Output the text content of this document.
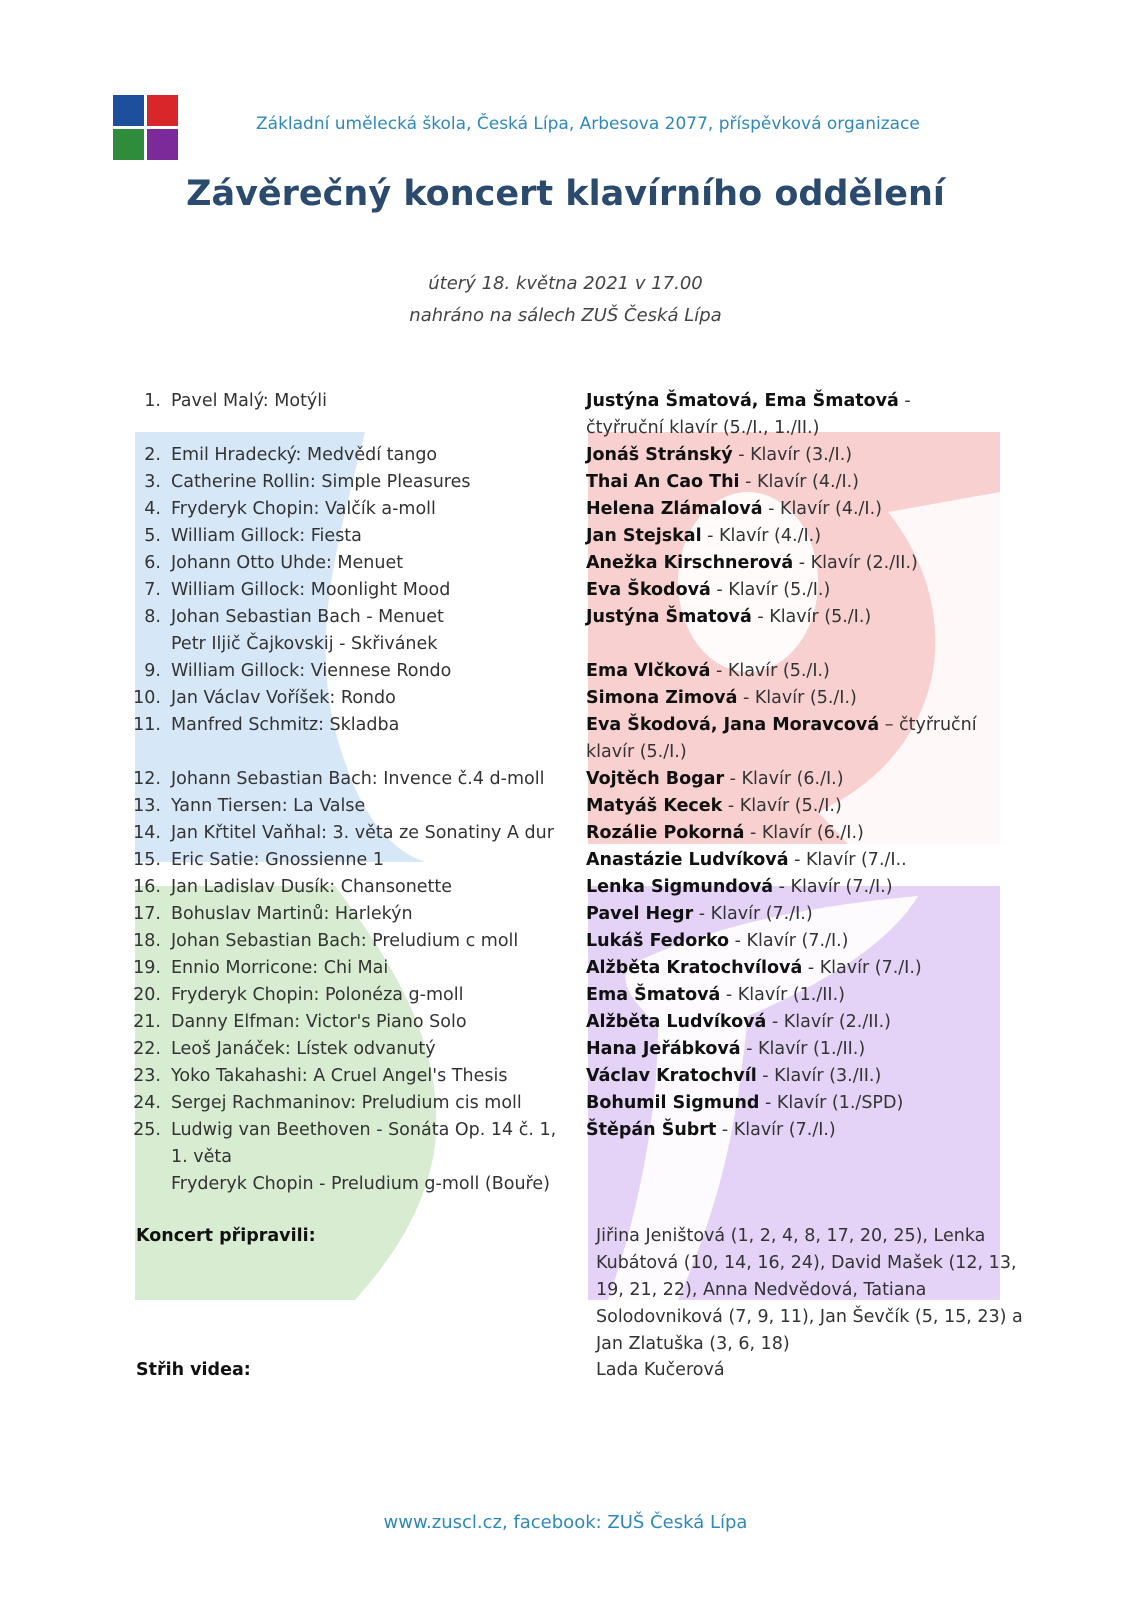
Základní umělecká škola, Česká Lípa, Arbesova 2077, příspěvková organizace
Závěrečný koncert klavírního oddělení
úterý 18. května 2021 v 17.00
nahráno na sálech ZUŠ Česká Lípa
1. Pavel Malý: Motýli	Justýna Šmatová, Ema Šmatová - čtyřruční klavír (5./I., 1./II.)
2. Emil Hradecký: Medvědí tango	Jonáš Stránský - Klavír (3./I.)
3. Catherine Rollin: Simple Pleasures	Thai An Cao Thi - Klavír (4./I.)
4. Fryderyk Chopin: Valčík a-moll	Helena Zlámalová - Klavír (4./I.)
5. William Gillock: Fiesta	Jan Stejskal - Klavír (4./I.)
6. Johann Otto Uhde: Menuet	Anežka Kirschnerová - Klavír (2./II.)
7. William Gillock: Moonlight Mood	Eva Škodová - Klavír (5./I.)
8. Johan Sebastian Bach - Menuet	Justýna Šmatová - Klavír (5./I.)
Petr Iljič Čajkovskij - Skřivánek
9. William Gillock: Viennese Rondo	Ema Vlčková - Klavír (5./I.)
10. Jan Václav Voříšek: Rondo	Simona Zimová - Klavír (5./I.)
11. Manfred Schmitz: Skladba	Eva Škodová, Jana Moravcová – čtyřruční klavír (5./I.)
12. Johann Sebastian Bach: Invence č.4 d-moll	Vojtěch Bogar - Klavír (6./I.)
13. Yann Tiersen: La Valse	Matyáš Kecek - Klavír (5./I.)
14. Jan Křtitel Vaňhal: 3. věta ze Sonatiny A dur	Rozálie Pokorná - Klavír (6./I.)
15. Eric Satie: Gnossienne 1	Anastázie Ludvíková - Klavír (7./I..
16. Jan Ladislav Dusík: Chansonette	Lenka Sigmundová - Klavír (7./I.)
17. Bohuslav Martinů: Harlekýn	Pavel Hegr - Klavír (7./I.)
18. Johan Sebastian Bach: Preludium c moll	Lukáš Fedorko - Klavír (7./I.)
19. Ennio Morricone: Chi Mai	Alžběta Kratochvílová - Klavír (7./I.)
20. Fryderyk Chopin: Polonéza g-moll	Ema Šmatová - Klavír (1./II.)
21. Danny Elfman: Victor's Piano Solo	Alžběta Ludvíková - Klavír (2./II.)
22. Leoš Janáček: Lístek odvanutý	Hana Jeřábková - Klavír (1./II.)
23. Yoko Takahashi: A Cruel Angel's Thesis	Václav Kratochvíl - Klavír (3./II.)
24. Sergej Rachmaninov: Preludium cis moll	Bohumil Sigmund - Klavír (1./SPD)
25. Ludwig van Beethoven - Sonáta Op. 14 č. 1,	Štěpán Šubrt - Klavír (7./I.)
1. věta
Fryderyk Chopin - Preludium g-moll (Bouře)
Koncert připravili:	Jiřina Jeništová (1, 2, 4, 8, 17, 20, 25), Lenka Kubátová (10, 14, 16, 24), David Mašek (12, 13, 19, 21, 22), Anna Nedvědová, Tatiana Solodovniková (7, 9, 11), Jan Ševčík (5, 15, 23) a Jan Zlatuška (3, 6, 18)
Střih videa:	Lada Kučerová
www.zuscl.cz, facebook: ZUŠ Česká Lípa
